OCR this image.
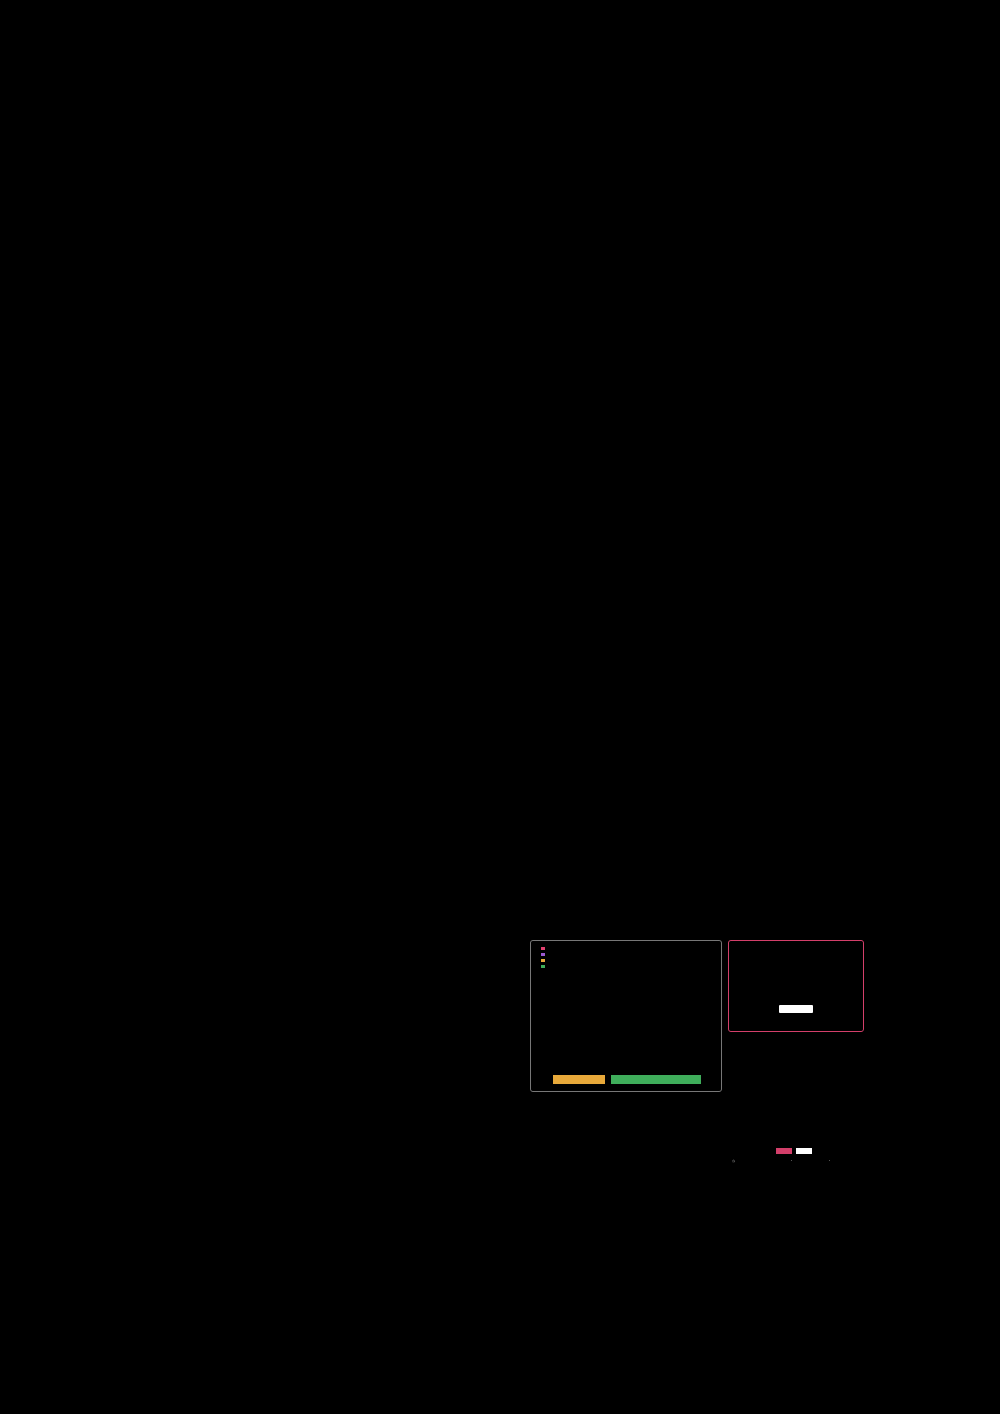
◷	◔	◔
